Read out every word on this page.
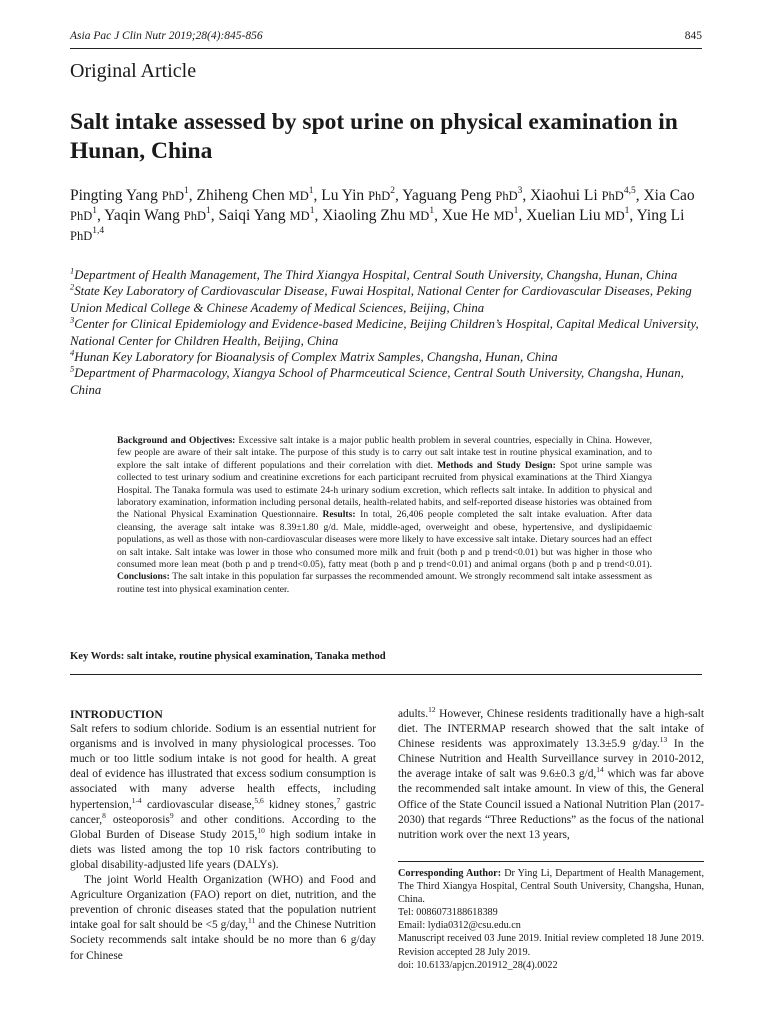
Asia Pac J Clin Nutr 2019;28(4):845-856	845
Original Article
Salt intake assessed by spot urine on physical examination in Hunan, China
Pingting Yang PhD$^1$, Zhiheng Chen $MD^1$, Lu Yin PhD$^2$, Yaguang Peng PhD$^3$, Xiaohui Li PhD$^{4,5}$, Xia Cao PhD$^1$, Yaqin Wang PhD$^1$, Saiqi Yang $MD^1$, Xiaoling Zhu $MD^1$, Xue He $MD^1$, Xuelian Liu $MD^1$, Ying Li PhD$^{1,4}$

$^1$Department of Health Management, The Third Xiangya Hospital, Central South University, Changsha, Hunan, China

$^2$State Key Laboratory of Cardiovascular Disease, Fuwai Hospital, National Center for Cardiovascular Diseases, Peking Union Medical College & Chinese Academy of Medical Sciences, Beijing, China

$^3$Center for Clinical Epidemiology and Evidence-based Medicine, Beijing Children’s Hospital, Capital Medical University, National Center for Children Health, Beijing, China

$^4$Hunan Key Laboratory for Bioanalysis of Complex Matrix Samples, Changsha, Hunan, China

$^5$Department of Pharmacology, Xiangya School of Pharmceutical Science, Central South University, Changsha, Hunan, China

Background and Objectives: Excessive salt intake is a major public health problem in several countries, especially in China. However, few people are aware of their salt intake. The purpose of this study is to carry out salt intake test in routine physical examination, and to explore the salt intake of different populations and their correlation with diet. Methods and Study Design: Spot urine sample was collected to test urinary sodium and creatinine excretions for each participant recruited from physical examinations at the Third Xiangya Hospital. The Tanaka formula was used to estimate 24-h urinary sodium excretion, which reflects salt intake. In addition to physical and laboratory examination, information including personal details, health-related habits, and self-reported disease histories was obtained from the National Physical Examination Questionnaire. Results: In total, 26,406 people completed the salt intake evaluation. After data cleansing, the average salt intake was 8.39±1.80 g/d. Male, middle-aged, overweight and obese, hypertensive, and dyslipidaemic populations, as well as those with non-cardiovascular diseases were more likely to have excessive salt intake. Dietary sources had an effect on salt intake. Salt intake was lower in those who consumed more milk and fruit (both p and p trend<0.01) but was higher in those who consumed more lean meat (both p and p trend<0.05), fatty meat (both p and p trend<0.01) and animal organs (both p and p trend<0.01). Conclusions: The salt intake in this population far surpasses the recommended amount. We strongly recommend salt intake assessment as routine test into physical examination center.
Key Words: salt intake, routine physical examination, Tanaka method

INTRODUCTION

Salt refers to sodium chloride. Sodium is an essential nutrient for organisms and is involved in many physiological processes. Too much or too little sodium intake is not good for health. A great deal of evidence has illustrated that excess sodium consumption is associated with many adverse health effects, including hypertension,$^{1-4}$ cardiovascular disease,$^{5,6}$ kidney stones,$^7$ gastric cancer,$^8$ osteoporosis$^9$ and other conditions. According to the Global Burden of Disease Study 2015,10 high sodium intake in diets was listed among the top 10 risk factors contributing to global disability-adjusted life years (DALYs).

The joint World Health Organization (WHO) and Food and Agriculture Organization (FAO) report on diet, nutrition, and the prevention of chronic diseases stated that the population nutrient intake goal for salt should be <5 g/day,$^{11}$ and the Chinese Nutrition Society recommends salt intake should be no more than 6 g/day for Chinese

adults.$^{12}$ However, Chinese residents traditionally have a high-salt diet. The INTERMAP research showed that the salt intake of Chinese residents was approximately 13.3±5.9 g/day.$^{13}$ In the Chinese Nutrition and Health Surveillance survey in 2010-2012, the average intake of salt was 9.6±0.3 g/d,$^{14}$ which was far above the recommended salt intake amount. In view of this, the General Office of the State Council issued a National Nutrition Plan (2017-2030) that regards “Three Reductions” as the focus of the national nutrition work over the next 13 years,

Corresponding Author: Dr Ying Li, Department of Health Management, The Third Xiangya Hospital, Central South University, Changsha, Hunan, China.

Tel: 0086073188618389

Email: lydia0312@csu.edu.cn

Manuscript received 03 June 2019. Initial review completed 18 June 2019. Revision accepted 28 July 2019.

doi: 10.6133/apjcn.201912_28(4).0022
